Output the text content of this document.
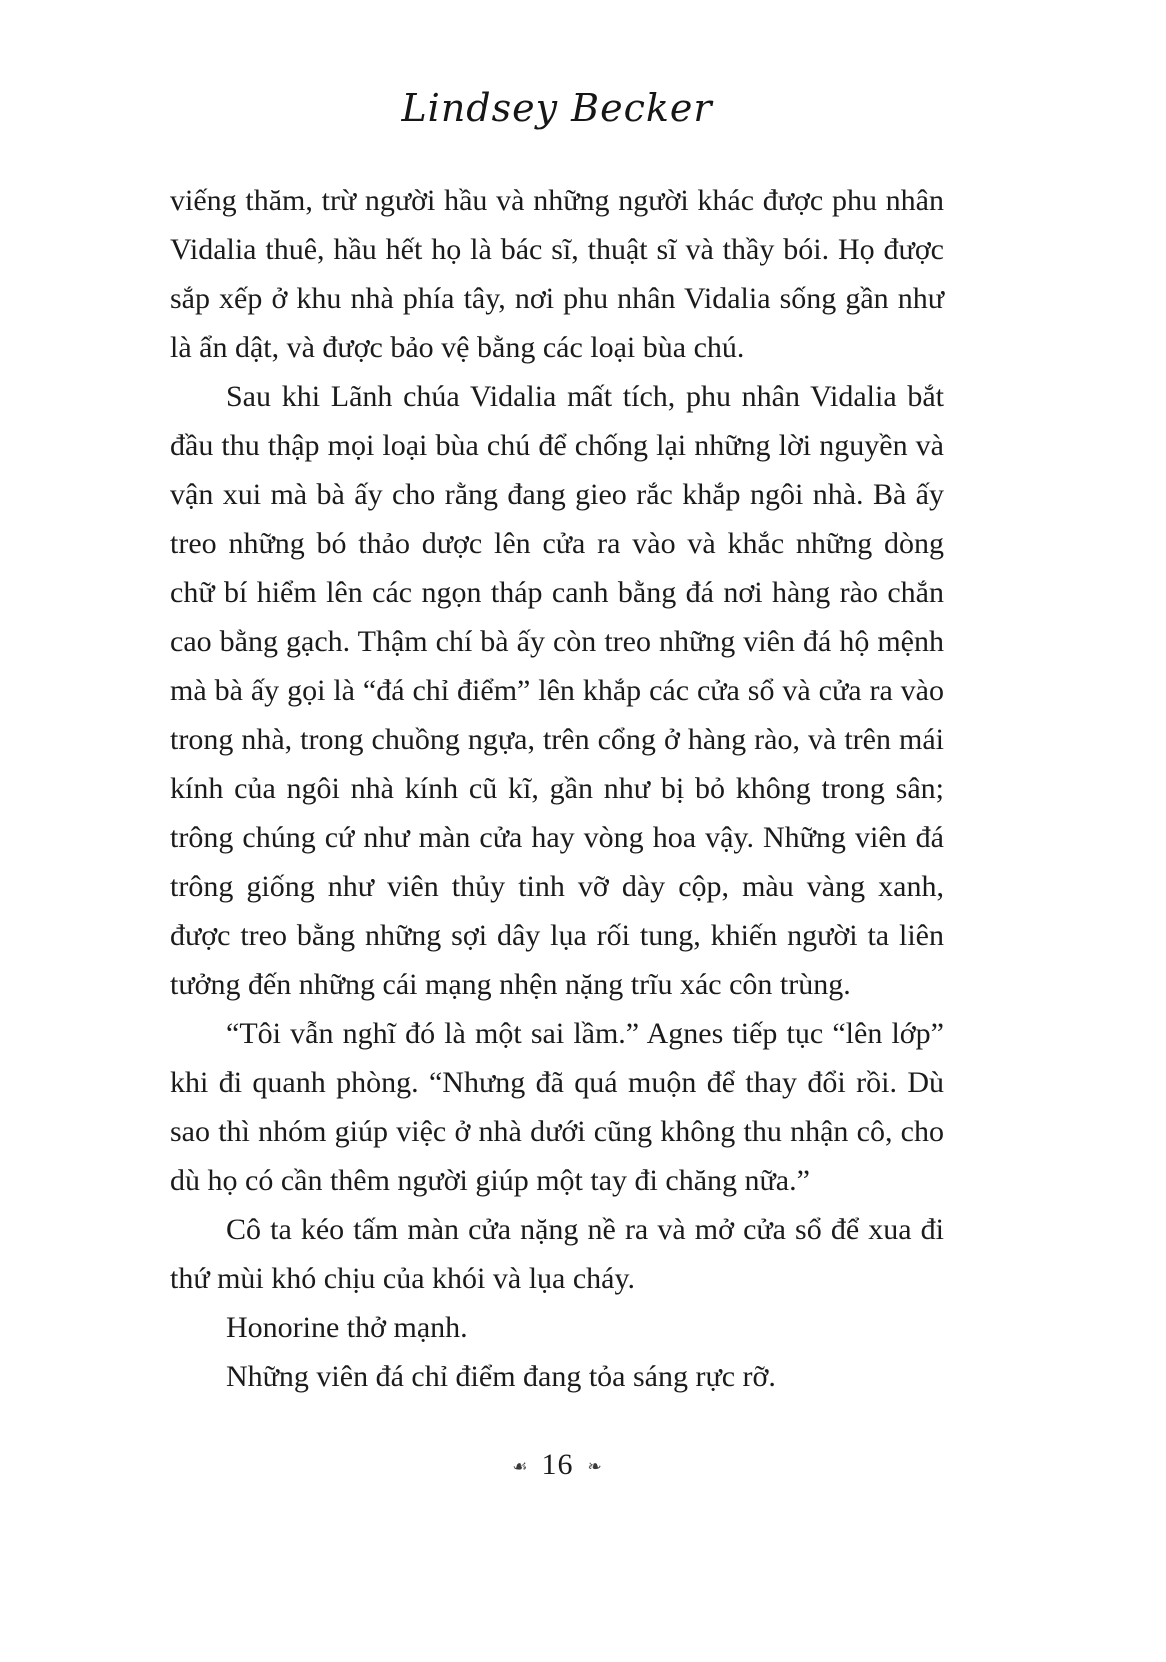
Lindsey Becker

viếng thăm, trừ người hầu và những người khác được phu nhân Vidalia thuê, hầu hết họ là bác sĩ, thuật sĩ và thầy bói. Họ được sắp xếp ở khu nhà phía tây, nơi phu nhân Vidalia sống gần như là ẩn dật, và được bảo vệ bằng các loại bùa chú.

Sau khi Lãnh chúa Vidalia mất tích, phu nhân Vidalia bắt đầu thu thập mọi loại bùa chú để chống lại những lời nguyền và vận xui mà bà ấy cho rằng đang gieo rắc khắp ngôi nhà. Bà ấy treo những bó thảo dược lên cửa ra vào và khắc những dòng chữ bí hiểm lên các ngọn tháp canh bằng đá nơi hàng rào chắn cao bằng gạch. Thậm chí bà ấy còn treo những viên đá hộ mệnh mà bà ấy gọi là “đá chỉ điểm” lên khắp các cửa sổ và cửa ra vào trong nhà, trong chuồng ngựa, trên cổng ở hàng rào, và trên mái kính của ngôi nhà kính cũ kĩ, gần như bị bỏ không trong sân; trông chúng cứ như màn cửa hay vòng hoa vậy. Những viên đá trông giống như viên thủy tinh vỡ dày cộp, màu vàng xanh, được treo bằng những sợi dây lụa rối tung, khiến người ta liên tưởng đến những cái mạng nhện nặng trĩu xác côn trùng.

“Tôi vẫn nghĩ đó là một sai lầm.” Agnes tiếp tục “lên lớp” khi đi quanh phòng. “Nhưng đã quá muộn để thay đổi rồi. Dù sao thì nhóm giúp việc ở nhà dưới cũng không thu nhận cô, cho dù họ có cần thêm người giúp một tay đi chăng nữa.”

Cô ta kéo tấm màn cửa nặng nề ra và mở cửa sổ để xua đi thứ mùi khó chịu của khói và lụa cháy.

Honorine thở mạnh.

Những viên đá chỉ điểm đang tỏa sáng rực rỡ.

☙ 16 ❧
